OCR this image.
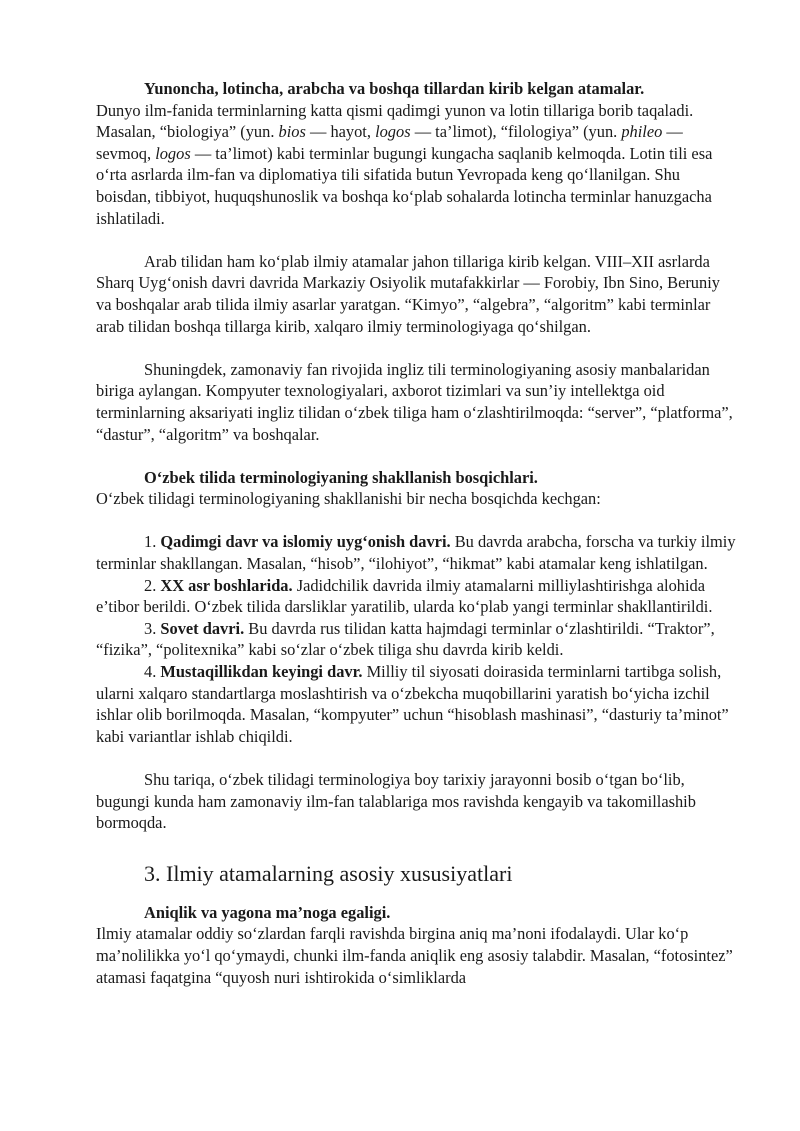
Yunoncha, lotincha, arabcha va boshqa tillardan kirib kelgan atamalar.
Dunyo ilm-fanida terminlarning katta qismi qadimgi yunon va lotin tillariga borib taqaladi. Masalan, “biologiya” (yun. bios — hayot, logos — ta’limot), “filologiya” (yun. phileo — sevmoq, logos — ta’limot) kabi terminlar bugungi kungacha saqlanib kelmoqda. Lotin tili esa o‘rta asrlarda ilm-fan va diplomatiya tili sifatida butun Yevropada keng qo‘llanilgan. Shu boisdan, tibbiyot, huquqshunoslik va boshqa ko‘plab sohalarda lotincha terminlar hanuzgacha ishlatiladi.

Arab tilidan ham ko‘plab ilmiy atamalar jahon tillariga kirib kelgan. VIII–XII asrlarda Sharq Uyg‘onish davri davrida Markaziy Osiyolik mutafakkirlar — Forobiy, Ibn Sino, Beruniy va boshqalar arab tilida ilmiy asarlar yaratgan. “Kimyo”, “algebra”, “algoritm” kabi terminlar arab tilidan boshqa tillarga kirib, xalqaro ilmiy terminologiyaga qo‘shilgan.

Shuningdek, zamonaviy fan rivojida ingliz tili terminologiyaning asosiy manbalaridan biriga aylangan. Kompyuter texnologiyalari, axborot tizimlari va sun’iy intellektga oid terminlarning aksariyati ingliz tilidan o‘zbek tiliga ham o‘zlashtirilmoqda: “server”, “platforma”, “dastur”, “algoritm” va boshqalar.

O‘zbek tilida terminologiyaning shakllanish bosqichlari.
O‘zbek tilidagi terminologiyaning shakllanishi bir necha bosqichda kechgan:

1. Qadimgi davr va islomiy uyg‘onish davri. Bu davrda arabcha, forscha va turkiy ilmiy terminlar shakllangan. Masalan, “hisob”, “ilohiyot”, “hikmat” kabi atamalar keng ishlatilgan.

2. XX asr boshlarida. Jadidchilik davrida ilmiy atamalarni milliylashtirishga alohida e’tibor berildi. O‘zbek tilida darsliklar yaratilib, ularda ko‘plab yangi terminlar shakllantirildi.

3. Sovet davri. Bu davrda rus tilidan katta hajmdagi terminlar o‘zlashtirildi. “Traktor”, “fizika”, “politexnika” kabi so‘zlar o‘zbek tiliga shu davrda kirib keldi.

4. Mustaqillikdan keyingi davr. Milliy til siyosati doirasida terminlarni tartibga solish, ularni xalqaro standartlarga moslashtirish va o‘zbekcha muqobillarini yaratish bo‘yicha izchil ishlar olib borilmoqda. Masalan, “kompyuter” uchun “hisoblash mashinasi”, “dasturiy ta’minot” kabi variantlar ishlab chiqildi.

Shu tariqa, o‘zbek tilidagi terminologiya boy tarixiy jarayonni bosib o‘tgan bo‘lib, bugungi kunda ham zamonaviy ilm-fan talablariga mos ravishda kengayib va takomillashib bormoqda.

3. Ilmiy atamalarning asosiy xususiyatlari

Aniqlik va yagona ma’noga egaligi.
Ilmiy atamalar oddiy so‘zlardan farqli ravishda birgina aniq ma’noni ifodalaydi. Ular ko‘p ma’nolilikka yo‘l qo‘ymaydi, chunki ilm-fanda aniqlik eng asosiy talabdir. Masalan, “fotosintez” atamasi faqatgina “quyosh nuri ishtirokida o‘simliklarda
